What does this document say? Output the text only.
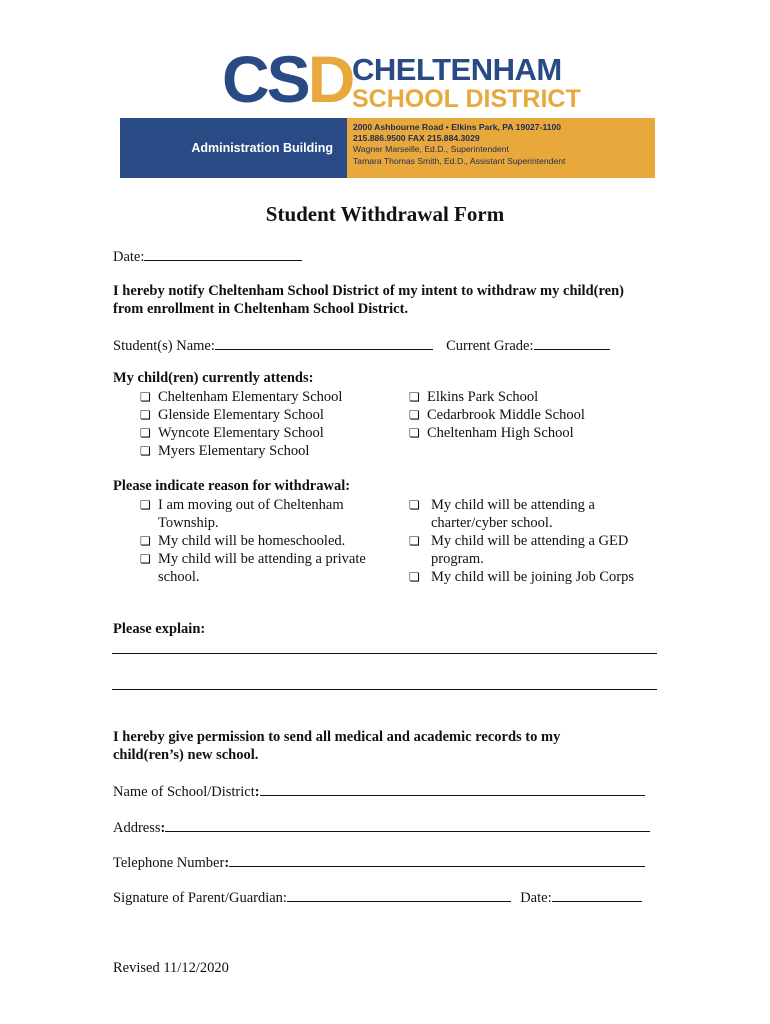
CSD CHELTENHAM
SCHOOL DISTRICT
Administration Building
2000 Ashbourne Road • Elkins Park, PA 19027-1100
215.886.9500 FAX 215.884.3029
Wagner Marseille, Ed.D., Superintendent
Tamara Thomas Smith, Ed.D., Assistant Superintendent
Student Withdrawal Form
Date:
I hereby notify Cheltenham School District of my intent to withdraw my child(ren)
from enrollment in Cheltenham School District.
Student(s) Name:	Current Grade:
My child(ren) currently attends:
❏ Cheltenham Elementary School
❏ Glenside Elementary School
❏ Wyncote Elementary School
❏ Myers Elementary School
❏ Elkins Park School
❏ Cedarbrook Middle School
❏ Cheltenham High School
Please indicate reason for withdrawal:
❏ I am moving out of Cheltenham
Township.
❏ My child will be homeschooled.
❏ My child will be attending a private
school.
❏ My child will be attending a
charter/cyber school.
❏ My child will be attending a GED
program.
❏ My child will be joining Job Corps
Please explain:
I hereby give permission to send all medical and academic records to my
child(ren’s) new school.
Name of School/District:
Address:
Telephone Number:
Signature of Parent/Guardian:	Date:
Revised 11/12/2020
